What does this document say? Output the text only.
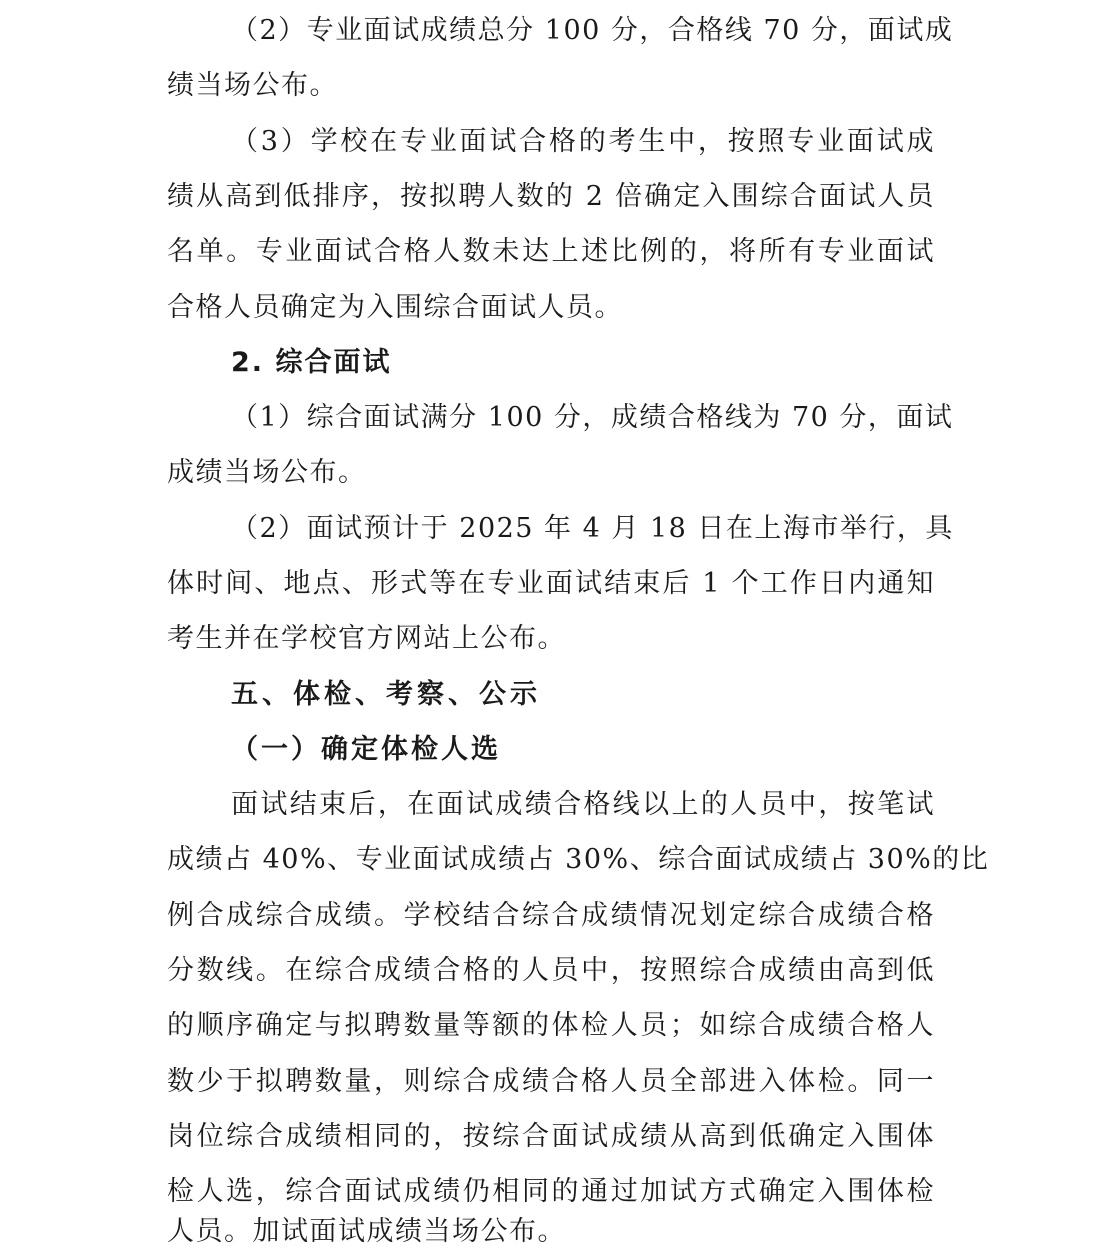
（2）专业面试成绩总分 100 分，合格线 70 分，面试成
绩当场公布。
（3）学校在专业面试合格的考生中，按照专业面试成
绩从高到低排序，按拟聘人数的 2 倍确定入围综合面试人员
名单。专业面试合格人数未达上述比例的，将所有专业面试
合格人员确定为入围综合面试人员。
2. 综合面试
（1）综合面试满分 100 分，成绩合格线为 70 分，面试
成绩当场公布。
（2）面试预计于 2025 年 4 月 18 日在上海市举行，具
体时间、地点、形式等在专业面试结束后 1 个工作日内通知
考生并在学校官方网站上公布。
五、体检、考察、公示
（一）确定体检人选
面试结束后，在面试成绩合格线以上的人员中，按笔试
成绩占 40%、专业面试成绩占 30%、综合面试成绩占 30%的比
例合成综合成绩。学校结合综合成绩情况划定综合成绩合格
分数线。在综合成绩合格的人员中，按照综合成绩由高到低
的顺序确定与拟聘数量等额的体检人员；如综合成绩合格人
数少于拟聘数量，则综合成绩合格人员全部进入体检。同一
岗位综合成绩相同的，按综合面试成绩从高到低确定入围体
检人选，综合面试成绩仍相同的通过加试方式确定入围体检
人员。加试面试成绩当场公布。
